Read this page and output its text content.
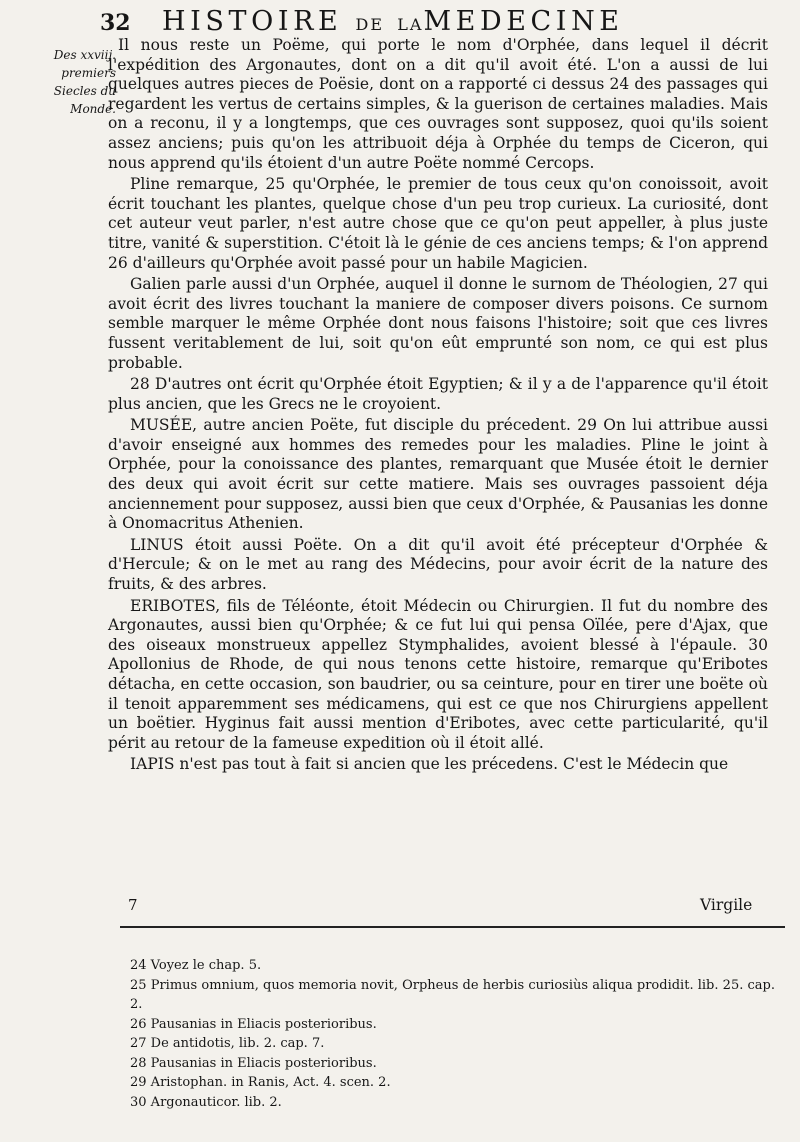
32 HISTOIRE DE LAMEDECINE
Des xxviij. premiers Siecles du Monde.

Il nous reste un Poëme, qui porte le nom d'Orphée, dans lequel il décrit l'expédition des Argonautes, dont on a dit qu'il avoit été. L'on a aussi de lui quelques autres pieces de Poësie, dont on a rapporté ci dessus 24 des passages qui regardent les vertus de certains simples, & la guerison de certaines maladies. Mais on a reconu, il y a longtemps, que ces ouvrages sont supposez, quoi qu'ils soient assez anciens; puis qu'on les attribuoit déja à Orphée du temps de Ciceron, qui nous apprend qu'ils étoient d'un autre Poëte nommé Cercops.

Pline remarque, 25 qu'Orphée, le premier de tous ceux qu'on conoissoit, avoit écrit touchant les plantes, quelque chose d'un peu trop curieux. La curiosité, dont cet auteur veut parler, n'est autre chose que ce qu'on peut appeller, à plus juste titre, vanité & superstition. C'étoit là le génie de ces anciens temps; & l'on apprend 26 d'ailleurs qu'Orphée avoit passé pour un habile Magicien.

Galien parle aussi d'un Orphée, auquel il donne le surnom de Théologien, 27 qui avoit écrit des livres touchant la maniere de composer divers poisons. Ce surnom semble marquer le même Orphée dont nous faisons l'histoire; soit que ces livres fussent veritablement de lui, soit qu'on eût emprunté son nom, ce qui est plus probable.

28 D'autres ont écrit qu'Orphée étoit Egyptien; & il y a de l'apparence qu'il étoit plus ancien, que les Grecs ne le croyoient.

MUSÉE, autre ancien Poëte, fut disciple du précedent. 29 On lui attribue aussi d'avoir enseigné aux hommes des remedes pour les maladies. Pline le joint à Orphée, pour la conoissance des plantes, remarquant que Musée étoit le dernier des deux qui avoit écrit sur cette matiere. Mais ses ouvrages passoient déja anciennement pour supposez, aussi bien que ceux d'Orphée, & Pausanias les donne à Onomacritus Athenien.

LINUS étoit aussi Poëte. On a dit qu'il avoit été précepteur d'Orphée & d'Hercule; & on le met au rang des Médecins, pour avoir écrit de la nature des fruits, & des arbres.

ERIBOTES, fils de Téléonte, étoit Médecin ou Chirurgien. Il fut du nombre des Argonautes, aussi bien qu'Orphée; & ce fut lui qui pensa Oïlée, pere d'Ajax, que des oiseaux monstrueux appellez Stymphalides, avoient blessé à l'épaule. 30 Apollonius de Rhode, de qui nous tenons cette histoire, remarque qu'Eribotes détacha, en cette occasion, son baudrier, ou sa ceinture, pour en tirer une boëte où il tenoit apparemment ses médicamens, qui est ce que nos Chirurgiens appellent un boëtier. Hyginus fait aussi mention d'Eribotes, avec cette particularité, qu'il périt au retour de la fameuse expedition où il étoit allé.

IAPIS n'est pas tout à fait si ancien que les précedens. C'est le Médecin que

7	Virgile
24 Voyez le chap. 5.
25 Primus omnium, quos memoria novit, Orpheus de herbis curiosiùs aliqua prodidit. lib. 25. cap. 2.
26 Pausanias in Eliacis posterioribus.
27 De antidotis, lib. 2. cap. 7.
28 Pausanias in Eliacis posterioribus.
29 Aristophan. in Ranis, Act. 4. scen. 2.
30 Argonauticor. lib. 2.
